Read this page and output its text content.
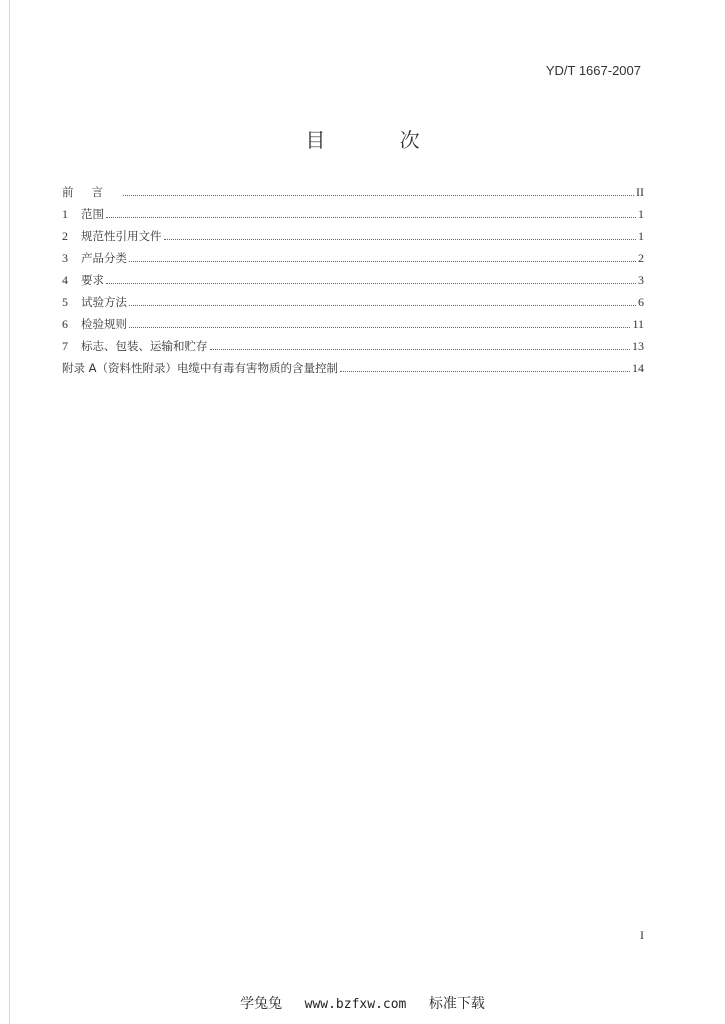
YD/T 1667-2007
目 次
前言	II
1	范围	1
2	规范性引用文件	1
3	产品分类	2
4	要求	3
5	试验方法	6
6	检验规则	11
7	标志、包装、运输和贮存	13
附录 A（资料性附录）电缆中有毒有害物质的含量控制	14
I
学兔兔 www.bzfxw.com 标准下载
